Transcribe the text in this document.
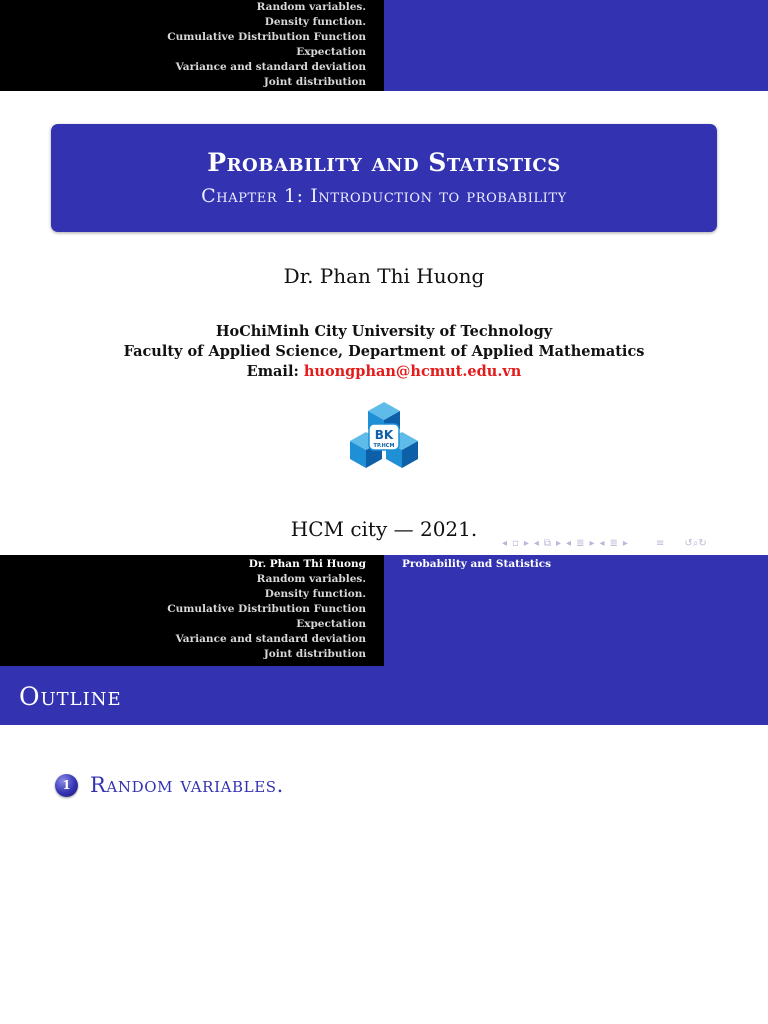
Random variables.
Density function.
Cumulative Distribution Function
Expectation
Variance and standard deviation
Joint distribution
Probability and Statistics
Chapter 1: Introduction to probability
Dr. Phan Thi Huong
HoChiMinh City University of Technology
Faculty of Applied Science, Department of Applied Mathematics
Email: huongphan@hcmut.edu.vn
BK
TP.HCM
HCM city — 2021.
◂ ▫ ▸ ◂ ⧉ ▸ ◂ ≣ ▸ ◂ ≣ ▸	≡ ↺⌕↻
Dr. Phan Thi Huong
Random variables.
Density function.
Cumulative Distribution Function
Expectation
Variance and standard deviation
Joint distribution
Probability and Statistics
Outline
1 Random variables.
